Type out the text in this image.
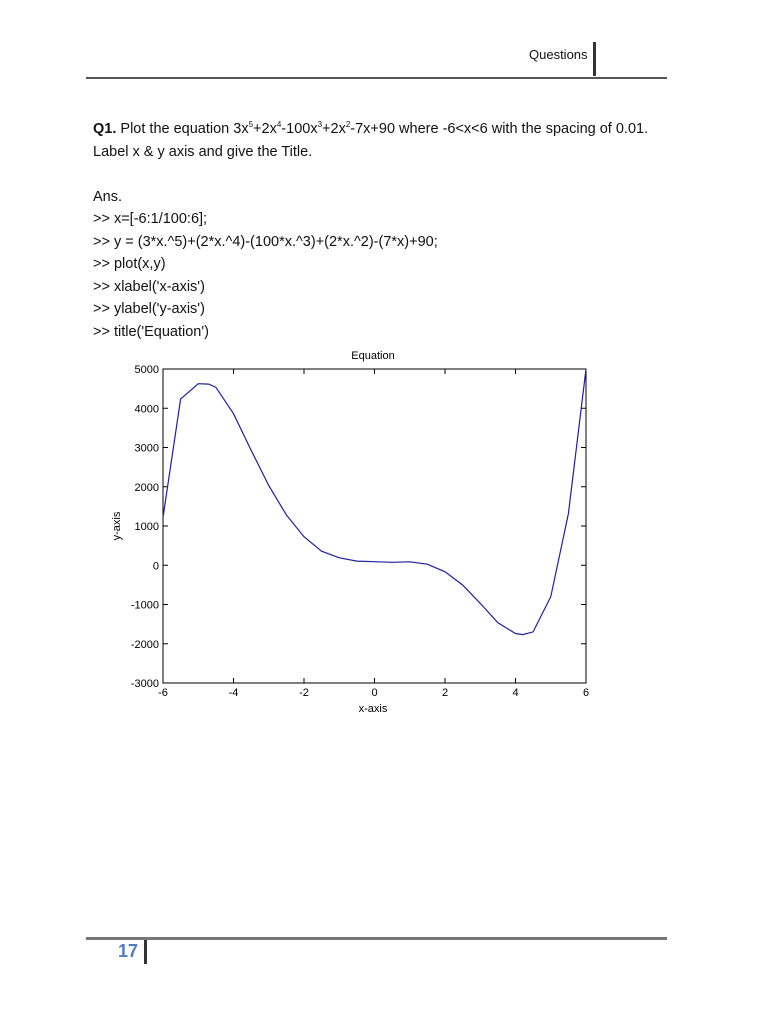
Questions

Q1. Plot the equation $3x^5+2x^4-100x^3+2x^2-7x+90$ where -6<x<6 with the spacing of 0.01. Label x & y axis and give the Title.

Ans.

>> x=[-6:1/100:6];

>> y = (3*x.^5)+(2*x.^4)-(100*x.^3)+(2*x.^2)-(7*x)+90;

>> plot(x,y)

>> xlabel('x-axis')

>> ylabel('y-axis')

>> title('Equation')

Equation
-6	-4	-2	0	2	4	6
5000
4000
3000
2000
1000
0
-1000
-2000
-3000
x-axis
y-axis
17
